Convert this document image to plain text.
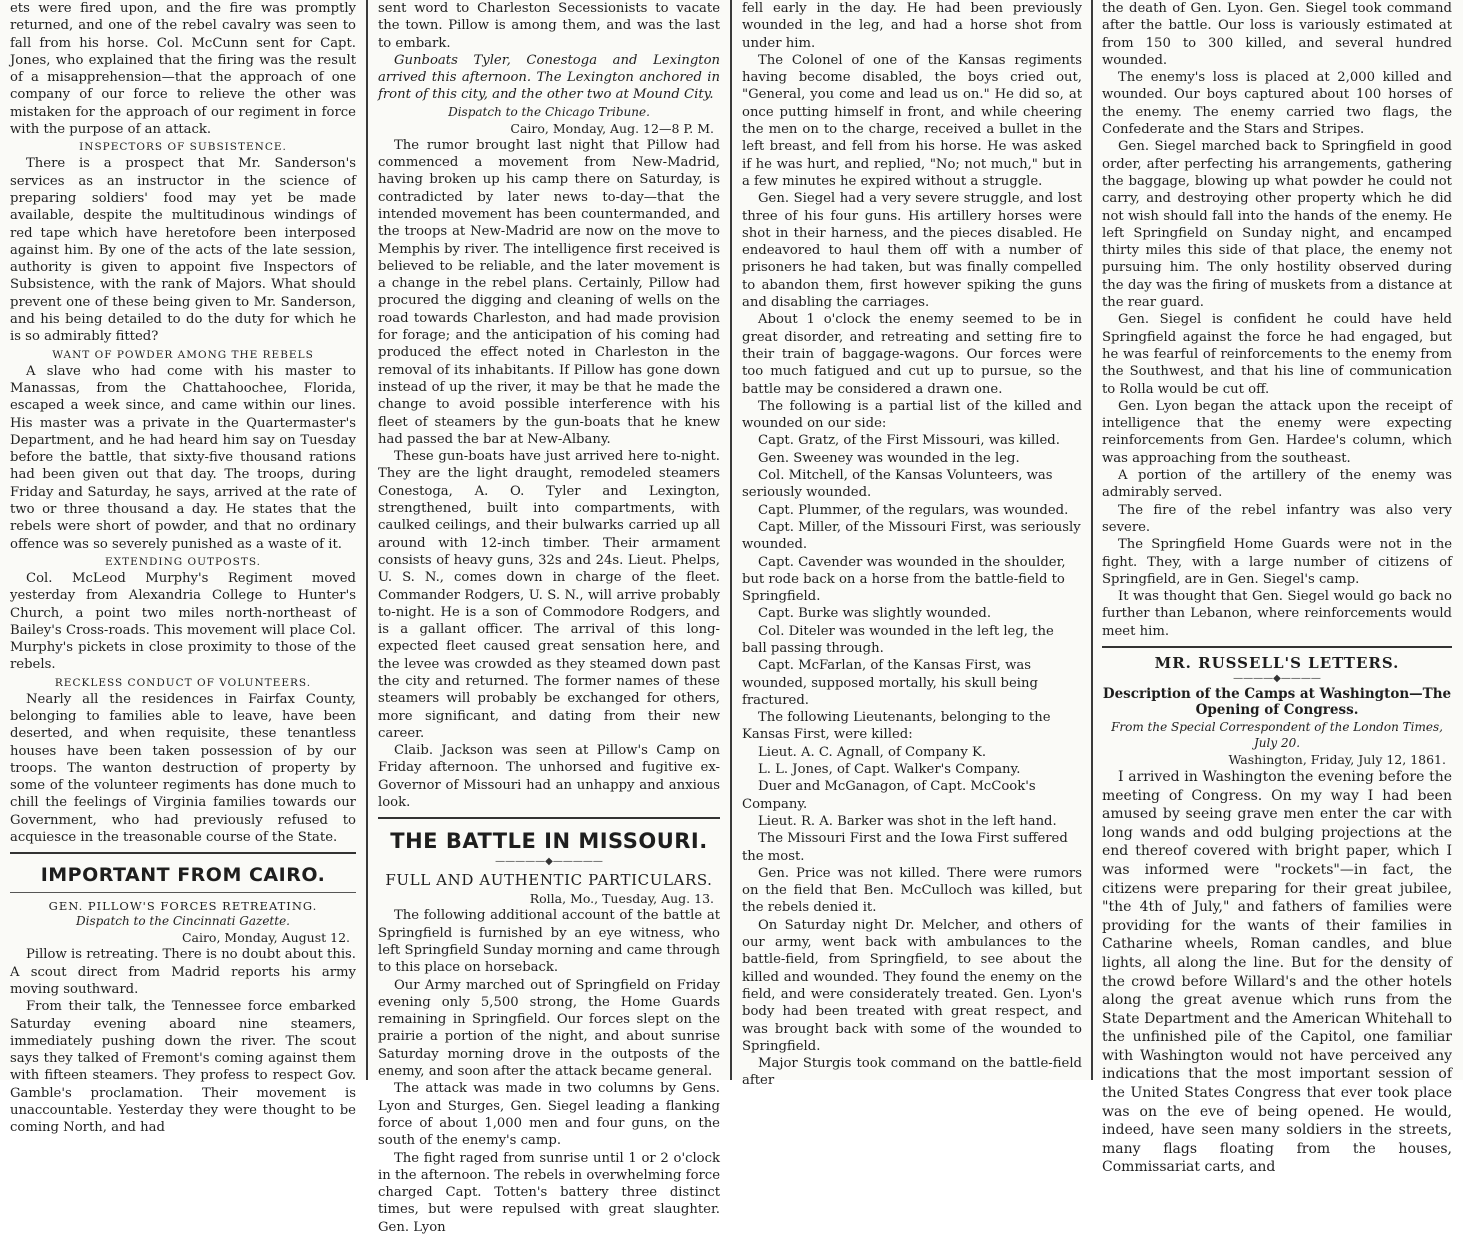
ets were fired upon, and the fire was promptly returned, and one of the rebel cavalry was seen to fall from his horse. Col. McCunn sent for Capt. Jones, who explained that the firing was the result of a misapprehension—that the approach of one company of our force to relieve the other was mistaken for the approach of our regiment in force with the purpose of an attack.

INSPECTORS OF SUBSISTENCE.

There is a prospect that Mr. Sanderson's services as an instructor in the science of preparing soldiers' food may yet be made available, despite the multitudinous windings of red tape which have heretofore been interposed against him. By one of the acts of the late session, authority is given to appoint five Inspectors of Subsistence, with the rank of Majors. What should prevent one of these being given to Mr. Sanderson, and his being detailed to do the duty for which he is so admirably fitted?

WANT OF POWDER AMONG THE REBELS

A slave who had come with his master to Manassas, from the Chattahoochee, Florida, escaped a week since, and came within our lines. His master was a private in the Quartermaster's Department, and he had heard him say on Tuesday before the battle, that sixty-five thousand rations had been given out that day. The troops, during Friday and Saturday, he says, arrived at the rate of two or three thousand a day. He states that the rebels were short of powder, and that no ordinary offence was so severely punished as a waste of it.

EXTENDING OUTPOSTS.

Col. McLeod Murphy's Regiment moved yesterday from Alexandria College to Hunter's Church, a point two miles north-northeast of Bailey's Cross-roads. This movement will place Col. Murphy's pickets in close proximity to those of the rebels.

RECKLESS CONDUCT OF VOLUNTEERS.

Nearly all the residences in Fairfax County, belonging to families able to leave, have been deserted, and when requisite, these tenantless houses have been taken possession of by our troops. The wanton destruction of property by some of the volunteer regiments has done much to chill the feelings of Virginia families towards our Government, who had previously refused to acquiesce in the treasonable course of the State.

IMPORTANT FROM CAIRO.
GEN. PILLOW'S FORCES RETREATING.
Dispatch to the Cincinnati Gazette.
Cairo, Monday, August 12.

Pillow is retreating. There is no doubt about this. A scout direct from Madrid reports his army moving southward.

From their talk, the Tennessee force embarked Saturday evening aboard nine steamers, immediately pushing down the river. The scout says they talked of Fremont's coming against them with fifteen steamers. They profess to respect Gov. Gamble's proclamation. Their movement is unaccountable. Yesterday they were thought to be coming North, and had

sent word to Charleston Secessionists to vacate the town. Pillow is among them, and was the last to embark.

Gunboats Tyler, Conestoga and Lexington arrived this afternoon. The Lexington anchored in front of this city, and the other two at Mound City.

Dispatch to the Chicago Tribune.
Cairo, Monday, Aug. 12—8 P. M.

The rumor brought last night that Pillow had commenced a movement from New-Madrid, having broken up his camp there on Saturday, is contradicted by later news to-day—that the intended movement has been countermanded, and the troops at New-Madrid are now on the move to Memphis by river. The intelligence first received is believed to be reliable, and the later movement is a change in the rebel plans. Certainly, Pillow had procured the digging and cleaning of wells on the road towards Charleston, and had made provision for forage; and the anticipation of his coming had produced the effect noted in Charleston in the removal of its inhabitants. If Pillow has gone down instead of up the river, it may be that he made the change to avoid possible interference with his fleet of steamers by the gun-boats that he knew had passed the bar at New-Albany.

These gun-boats have just arrived here to-night. They are the light draught, remodeled steamers Conestoga, A. O. Tyler and Lexington, strengthened, built into compartments, with caulked ceilings, and their bulwarks carried up all around with 12-inch timber. Their armament consists of heavy guns, 32s and 24s. Lieut. Phelps, U. S. N., comes down in charge of the fleet. Commander Rodgers, U. S. N., will arrive probably to-night. He is a son of Commodore Rodgers, and is a gallant officer. The arrival of this long-expected fleet caused great sensation here, and the levee was crowded as they steamed down past the city and returned. The former names of these steamers will probably be exchanged for others, more significant, and dating from their new career.

Claib. Jackson was seen at Pillow's Camp on Friday afternoon. The unhorsed and fugitive ex-Governor of Missouri had an unhappy and anxious look.

THE BATTLE IN MISSOURI.
—————◆—————
FULL AND AUTHENTIC PARTICULARS.
Rolla, Mo., Tuesday, Aug. 13.

The following additional account of the battle at Springfield is furnished by an eye witness, who left Springfield Sunday morning and came through to this place on horseback.

Our Army marched out of Springfield on Friday evening only 5,500 strong, the Home Guards remaining in Springfield. Our forces slept on the prairie a portion of the night, and about sunrise Saturday morning drove in the outposts of the enemy, and soon after the attack became general.

The attack was made in two columns by Gens. Lyon and Sturges, Gen. Siegel leading a flanking force of about 1,000 men and four guns, on the south of the enemy's camp.

The fight raged from sunrise until 1 or 2 o'clock in the afternoon. The rebels in overwhelming force charged Capt. Totten's battery three distinct times, but were repulsed with great slaughter. Gen. Lyon

fell early in the day. He had been previously wounded in the leg, and had a horse shot from under him.

The Colonel of one of the Kansas regiments having become disabled, the boys cried out, "General, you come and lead us on." He did so, at once putting himself in front, and while cheering the men on to the charge, received a bullet in the left breast, and fell from his horse. He was asked if he was hurt, and replied, "No; not much," but in a few minutes he expired without a struggle.

Gen. Siegel had a very severe struggle, and lost three of his four guns. His artillery horses were shot in their harness, and the pieces disabled. He endeavored to haul them off with a number of prisoners he had taken, but was finally compelled to abandon them, first however spiking the guns and disabling the carriages.

About 1 o'clock the enemy seemed to be in great disorder, and retreating and setting fire to their train of baggage-wagons. Our forces were too much fatigued and cut up to pursue, so the battle may be considered a drawn one.

The following is a partial list of the killed and wounded on our side:

Capt. Gratz, of the First Missouri, was killed.

Gen. Sweeney was wounded in the leg.

Col. Mitchell, of the Kansas Volunteers, was seriously wounded.

Capt. Plummer, of the regulars, was wounded.

Capt. Miller, of the Missouri First, was seriously wounded.

Capt. Cavender was wounded in the shoulder, but rode back on a horse from the battle-field to Springfield.

Capt. Burke was slightly wounded.

Col. Diteler was wounded in the left leg, the ball passing through.

Capt. McFarlan, of the Kansas First, was wounded, supposed mortally, his skull being fractured.

The following Lieutenants, belonging to the Kansas First, were killed:

Lieut. A. C. Agnall, of Company K.

L. L. Jones, of Capt. Walker's Company.

Duer and McGanagon, of Capt. McCook's Company.

Lieut. R. A. Barker was shot in the left hand.

The Missouri First and the Iowa First suffered the most.

Gen. Price was not killed. There were rumors on the field that Ben. McCulloch was killed, but the rebels denied it.

On Saturday night Dr. Melcher, and others of our army, went back with ambulances to the battle-field, from Springfield, to see about the killed and wounded. They found the enemy on the field, and were considerately treated. Gen. Lyon's body had been treated with great respect, and was brought back with some of the wounded to Springfield.

Major Sturgis took command on the battle-field after

the death of Gen. Lyon. Gen. Siegel took command after the battle. Our loss is variously estimated at from 150 to 300 killed, and several hundred wounded.

The enemy's loss is placed at 2,000 killed and wounded. Our boys captured about 100 horses of the enemy. The enemy carried two flags, the Confederate and the Stars and Stripes.

Gen. Siegel marched back to Springfield in good order, after perfecting his arrangements, gathering the baggage, blowing up what powder he could not carry, and destroying other property which he did not wish should fall into the hands of the enemy. He left Springfield on Sunday night, and encamped thirty miles this side of that place, the enemy not pursuing him. The only hostility observed during the day was the firing of muskets from a distance at the rear guard.

Gen. Siegel is confident he could have held Springfield against the force he had engaged, but he was fearful of reinforcements to the enemy from the Southwest, and that his line of communication to Rolla would be cut off.

Gen. Lyon began the attack upon the receipt of intelligence that the enemy were expecting reinforcements from Gen. Hardee's column, which was approaching from the southeast.

A portion of the artillery of the enemy was admirably served.

The fire of the rebel infantry was also very severe.

The Springfield Home Guards were not in the fight. They, with a large number of citizens of Springfield, are in Gen. Siegel's camp.

It was thought that Gen. Siegel would go back no further than Lebanon, where reinforcements would meet him.

MR. RUSSELL'S LETTERS.
————◆————
Description of the Camps at Washington—The Opening of Congress.
From the Special Correspondent of the London Times,
July 20.
Washington, Friday, July 12, 1861.

I arrived in Washington the evening before the meeting of Congress. On my way I had been amused by seeing grave men enter the car with long wands and odd bulging projections at the end thereof covered with bright paper, which I was informed were "rockets"—in fact, the citizens were preparing for their great jubilee, "the 4th of July," and fathers of families were providing for the wants of their families in Catharine wheels, Roman candles, and blue lights, all along the line. But for the density of the crowd before Willard's and the other hotels along the great avenue which runs from the State Department and the American Whitehall to the unfinished pile of the Capitol, one familiar with Washington would not have perceived any indications that the most important session of the United States Congress that ever took place was on the eve of being opened. He would, indeed, have seen many soldiers in the streets, many flags floating from the houses, Commissariat carts, and
